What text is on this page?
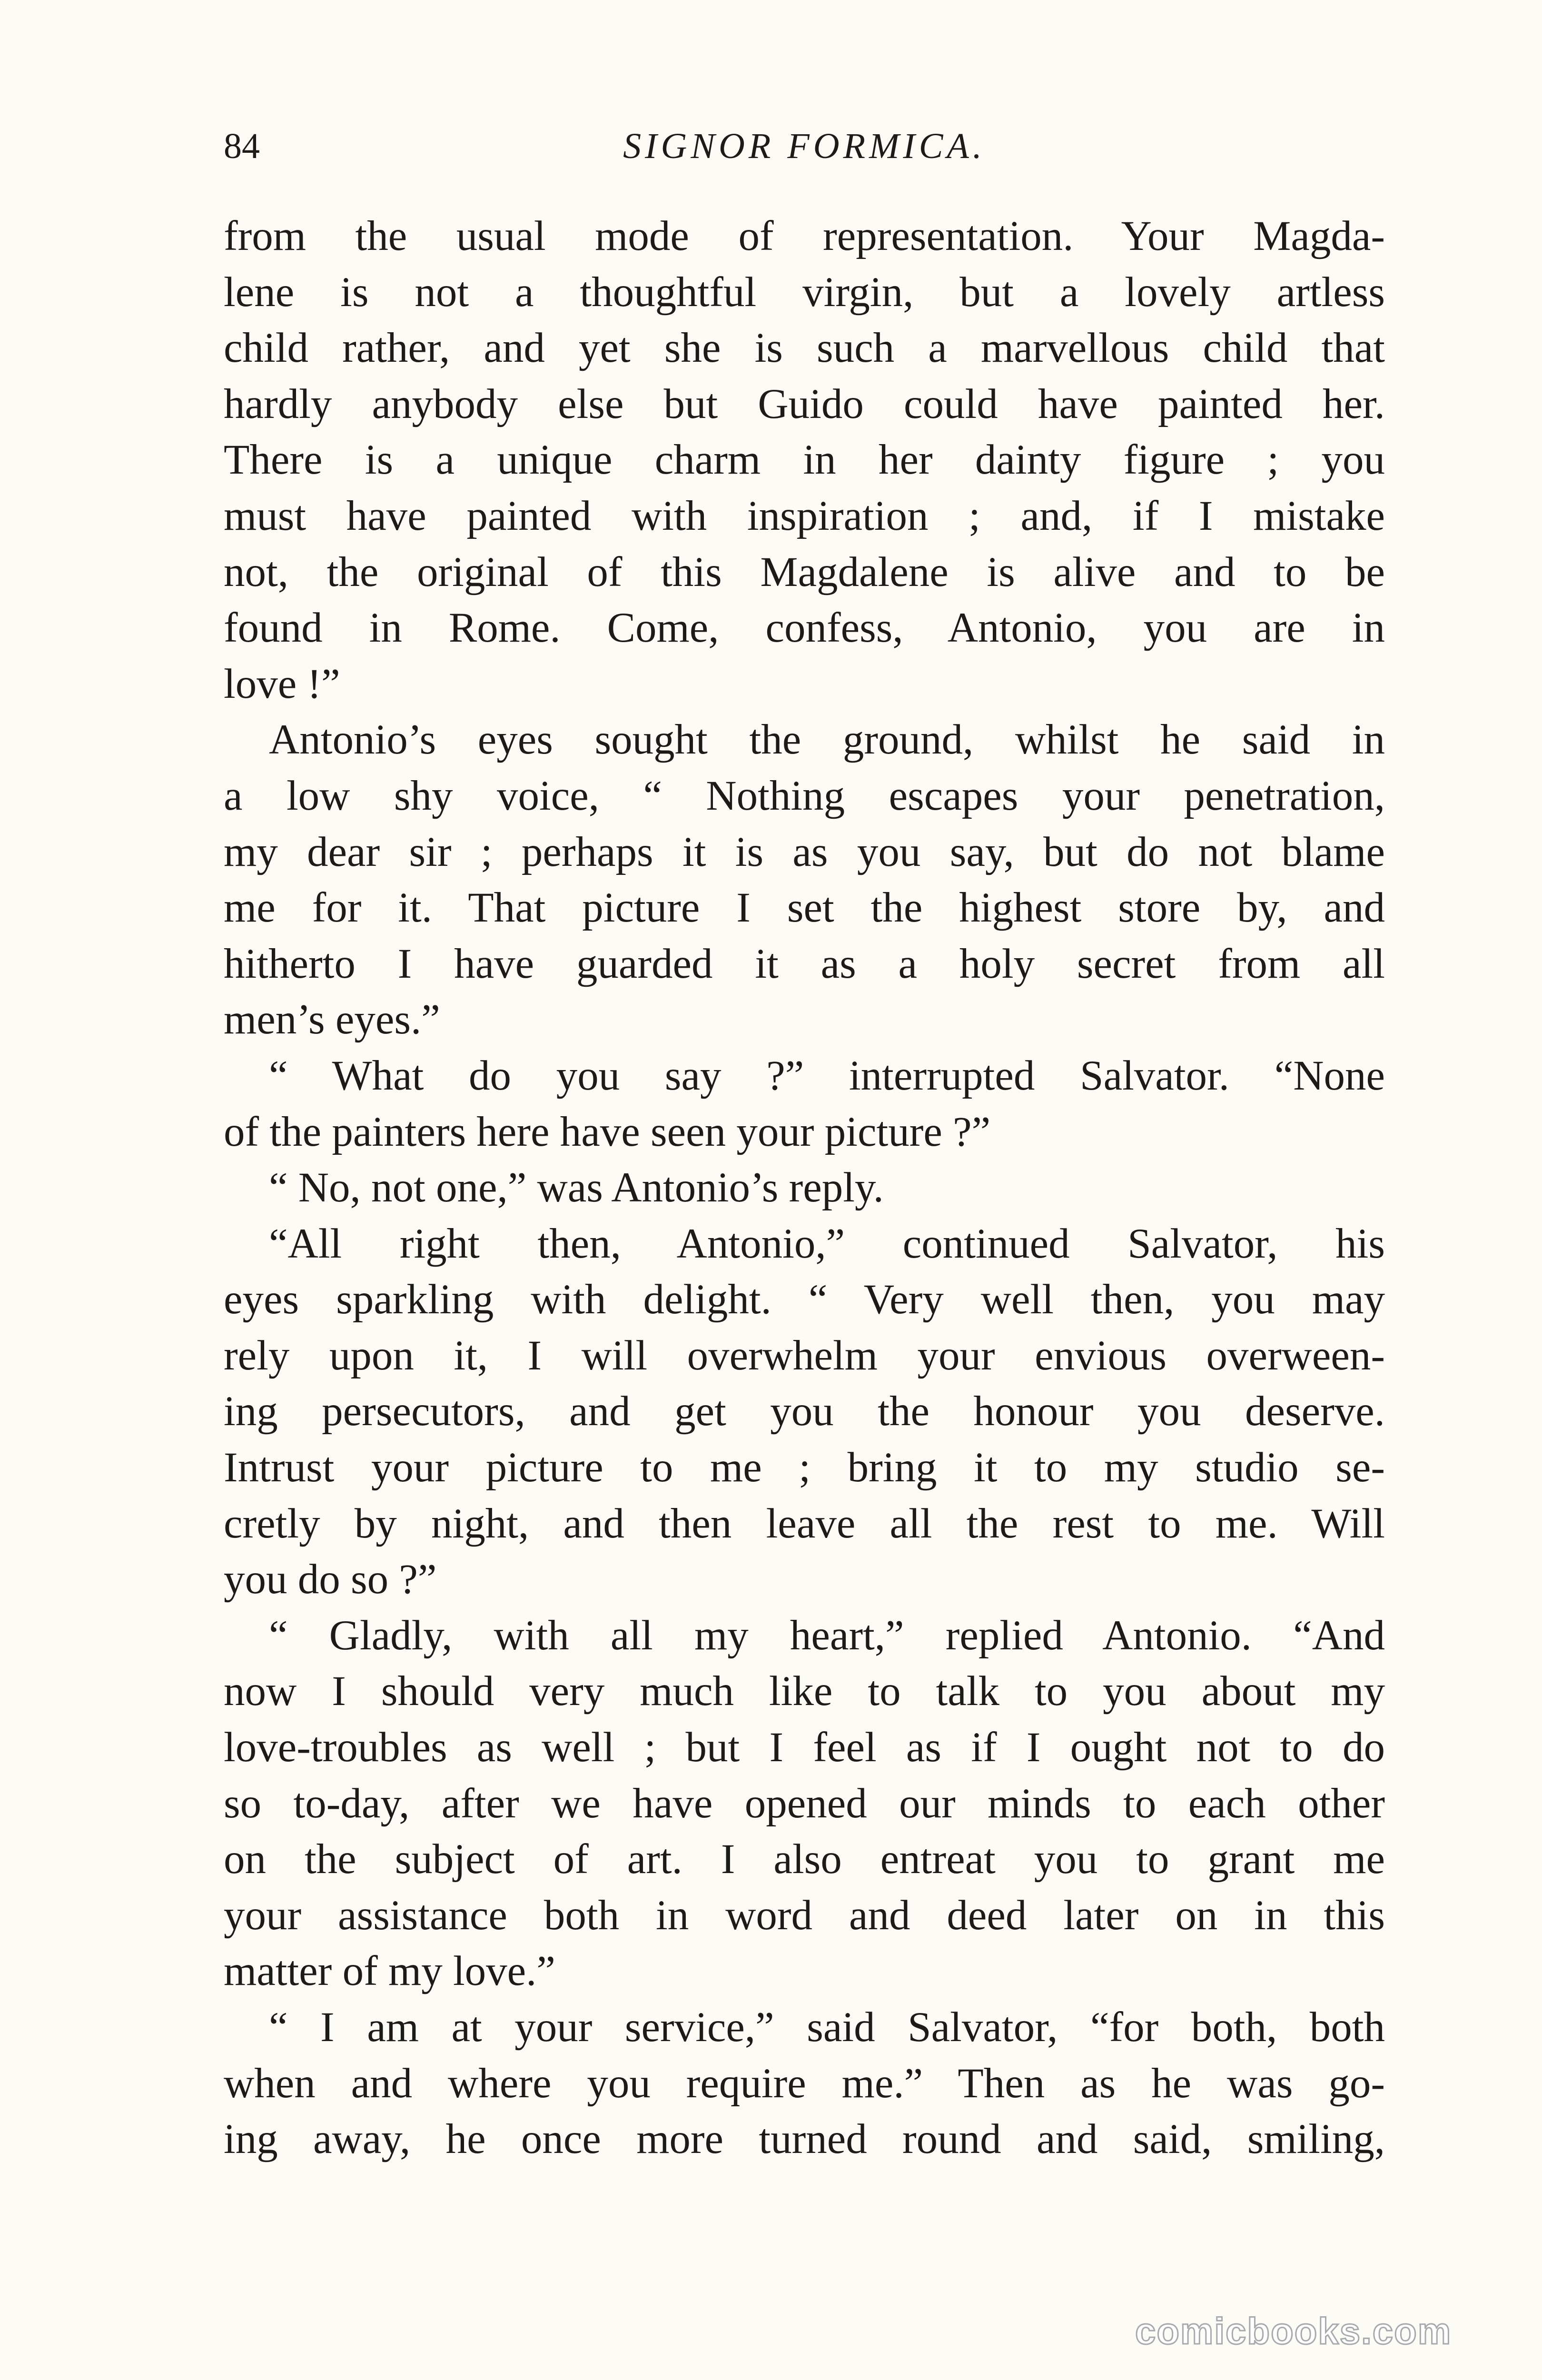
84	SIGNOR FORMICA.
from the usual mode of representation. Your Magda-
lene is not a thoughtful virgin, but a lovely artless
child rather, and yet she is such a marvellous child that
hardly anybody else but Guido could have painted her.
There is a unique charm in her dainty figure ; you
must have painted with inspiration ; and, if I mistake
not, the original of this Magdalene is alive and to be
found in Rome. Come, confess, Antonio, you are in
love !”
Antonio’s eyes sought the ground, whilst he said in
a low shy voice, “ Nothing escapes your penetration,
my dear sir ; perhaps it is as you say, but do not blame
me for it. That picture I set the highest store by, and
hitherto I have guarded it as a holy secret from all
men’s eyes.”
“ What do you say ?” interrupted Salvator. “None
of the painters here have seen your picture ?”
“ No, not one,” was Antonio’s reply.
“All right then, Antonio,” continued Salvator, his
eyes sparkling with delight. “ Very well then, you may
rely upon it, I will overwhelm your envious overween-
ing persecutors, and get you the honour you deserve.
Intrust your picture to me ; bring it to my studio se-
cretly by night, and then leave all the rest to me. Will
you do so ?”
“ Gladly, with all my heart,” replied Antonio. “And
now I should very much like to talk to you about my
love-troubles as well ; but I feel as if I ought not to do
so to-day, after we have opened our minds to each other
on the subject of art. I also entreat you to grant me
your assistance both in word and deed later on in this
matter of my love.”
“ I am at your service,” said Salvator, “for both, both
when and where you require me.” Then as he was go-
ing away, he once more turned round and said, smiling,
comicbooks.com
